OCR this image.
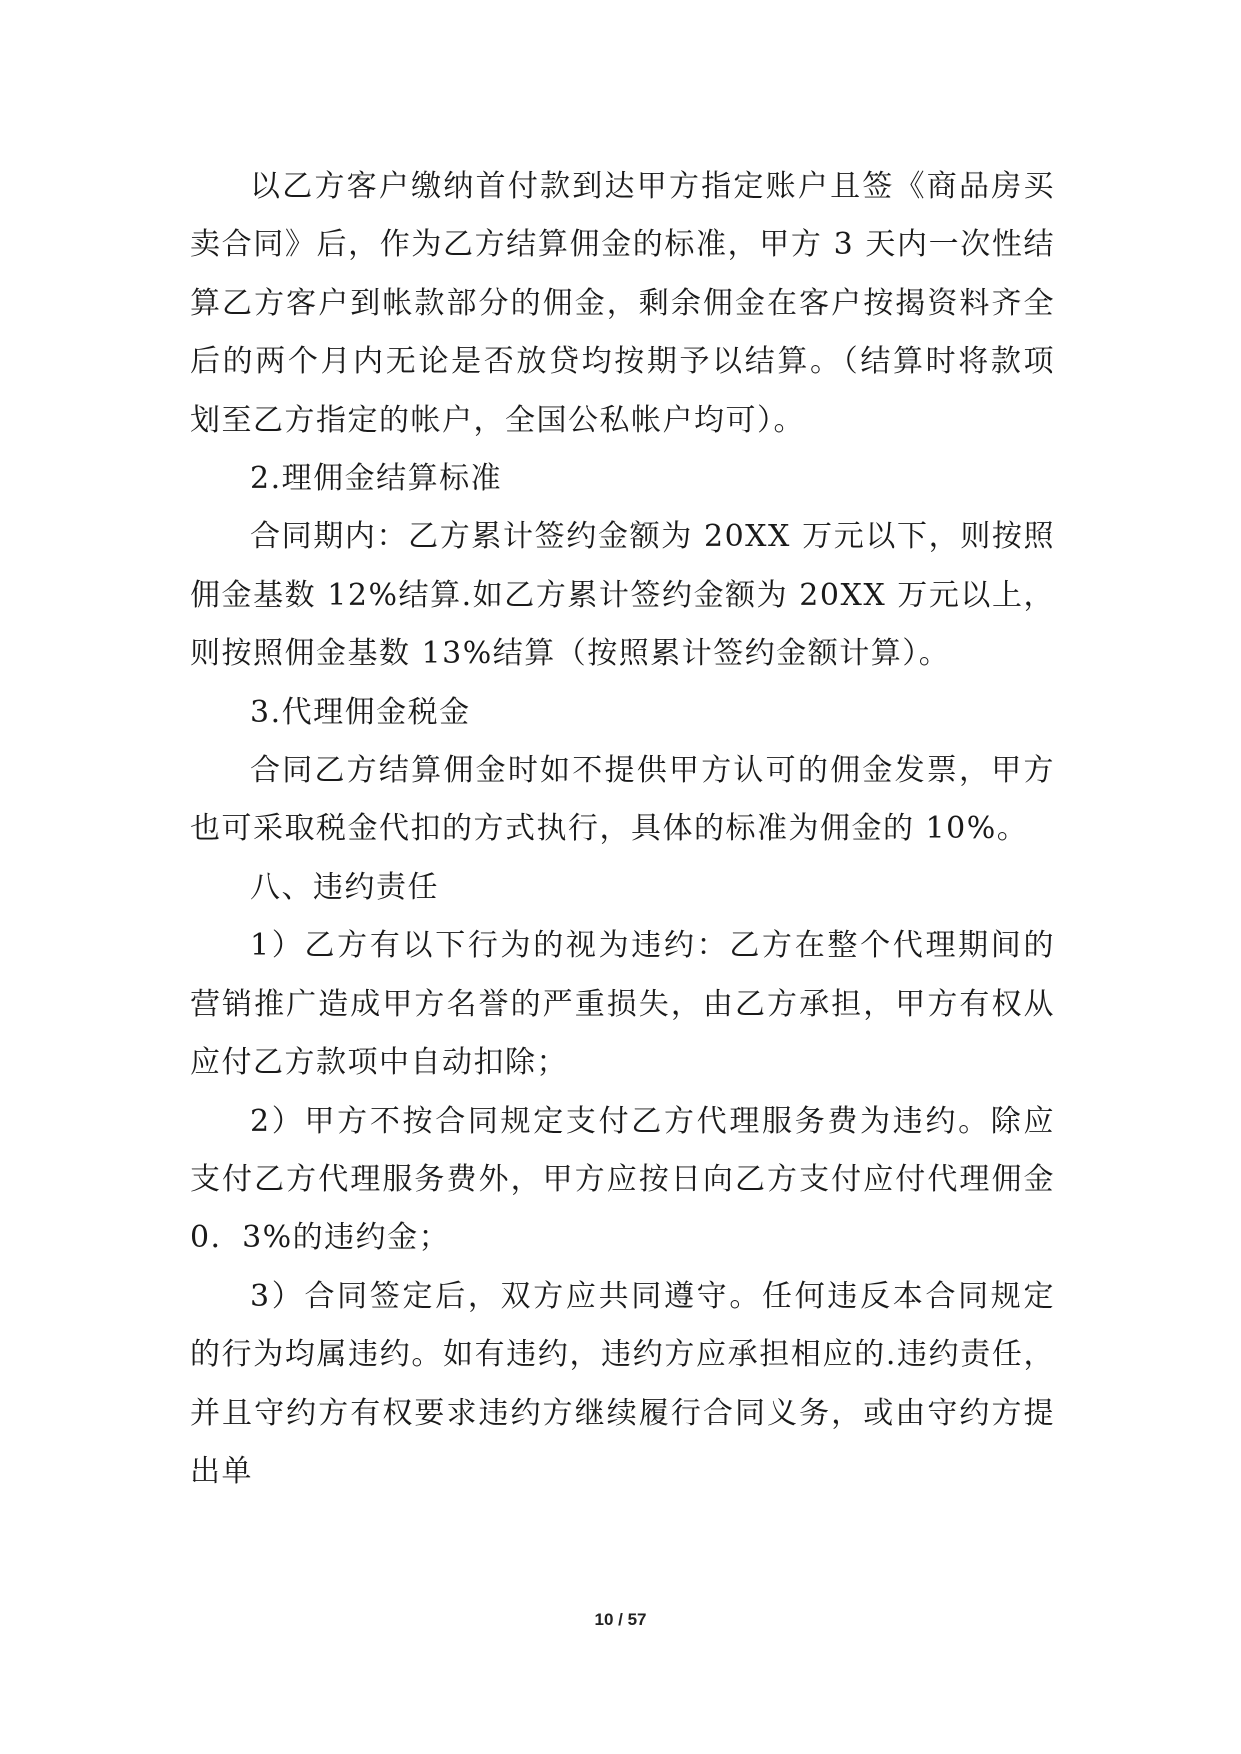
以乙方客户缴纳首付款到达甲方指定账户且签《商品房买卖合同》后，作为乙方结算佣金的标准，甲方 3 天内一次性结算乙方客户到帐款部分的佣金，剩余佣金在客户按揭资料齐全后的两个月内无论是否放贷均按期予以结算。（结算时将款项划至乙方指定的帐户，全国公私帐户均可）。

2.理佣金结算标准

合同期内：乙方累计签约金额为 20XX 万元以下，则按照佣金基数 12%结算.如乙方累计签约金额为 20XX 万元以上，则按照佣金基数 13%结算（按照累计签约金额计算）。

3.代理佣金税金

合同乙方结算佣金时如不提供甲方认可的佣金发票，甲方也可采取税金代扣的方式执行，具体的标准为佣金的 10%。

八、违约责任

1）乙方有以下行为的视为违约：乙方在整个代理期间的营销推广造成甲方名誉的严重损失，由乙方承担，甲方有权从应付乙方款项中自动扣除；

2）甲方不按合同规定支付乙方代理服务费为违约。除应支付乙方代理服务费外，甲方应按日向乙方支付应付代理佣金0．3%的违约金；

3）合同签定后，双方应共同遵守。任何违反本合同规定的行为均属违约。如有违约，违约方应承担相应的.违约责任，并且守约方有权要求违约方继续履行合同义务，或由守约方提出单

10 / 57
